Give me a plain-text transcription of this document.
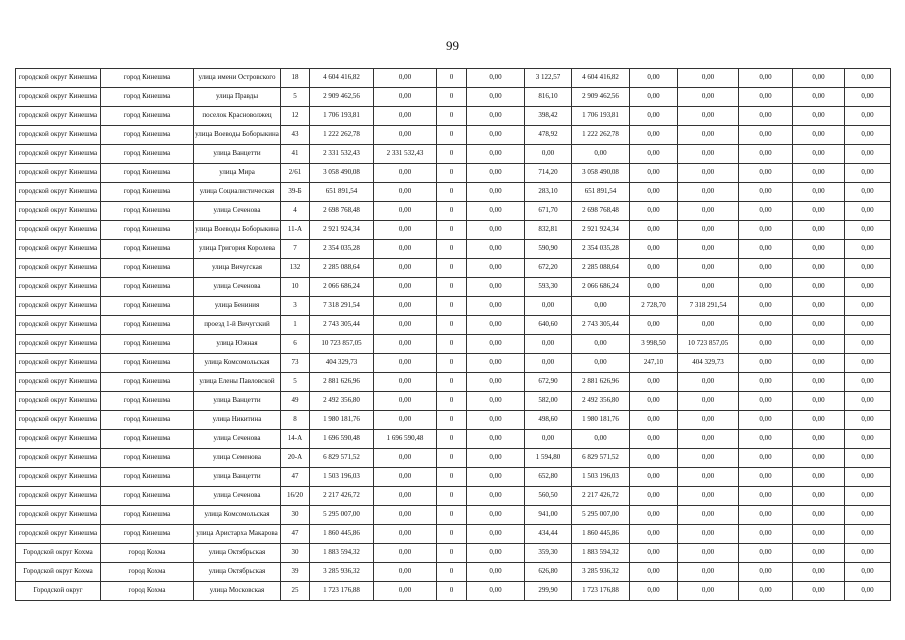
99
городской округ Кинешма	город Кинешма	улица имени Островского	18	4 604 416,82	0,00	0	0,00	3 122,57	4 604 416,82	0,00	0,00	0,00	0,00	0,00
городской округ Кинешма	город Кинешма	улица Правды	5	2 909 462,56	0,00	0	0,00	816,10	2 909 462,56	0,00	0,00	0,00	0,00	0,00
городской округ Кинешма	город Кинешма	поселок Красноволжец	12	1 706 193,81	0,00	0	0,00	398,42	1 706 193,81	0,00	0,00	0,00	0,00	0,00
городской округ Кинешма	город Кинешма	улица Воеводы Боборыкина	43	1 222 262,78	0,00	0	0,00	478,92	1 222 262,78	0,00	0,00	0,00	0,00	0,00
городской округ Кинешма	город Кинешма	улица Ванцетти	41	2 331 532,43	2 331 532,43	0	0,00	0,00	0,00	0,00	0,00	0,00	0,00	0,00
городской округ Кинешма	город Кинешма	улица Мира	2/61	3 058 490,08	0,00	0	0,00	714,20	3 058 490,08	0,00	0,00	0,00	0,00	0,00
городской округ Кинешма	город Кинешма	улица Социалистическая	39-Б	651 891,54	0,00	0	0,00	283,10	651 891,54	0,00	0,00	0,00	0,00	0,00
городской округ Кинешма	город Кинешма	улица Сеченова	4	2 698 768,48	0,00	0	0,00	671,70	2 698 768,48	0,00	0,00	0,00	0,00	0,00
городской округ Кинешма	город Кинешма	улица Воеводы Боборыкина	11-А	2 921 924,34	0,00	0	0,00	832,81	2 921 924,34	0,00	0,00	0,00	0,00	0,00
городской округ Кинешма	город Кинешма	улица Григория Королева	7	2 354 035,28	0,00	0	0,00	590,90	2 354 035,28	0,00	0,00	0,00	0,00	0,00
городской округ Кинешма	город Кинешма	улица Вичугская	132	2 285 088,64	0,00	0	0,00	672,20	2 285 088,64	0,00	0,00	0,00	0,00	0,00
городской округ Кинешма	город Кинешма	улица Сеченова	10	2 066 686,24	0,00	0	0,00	593,30	2 066 686,24	0,00	0,00	0,00	0,00	0,00
городской округ Кинешма	город Кинешма	улица Бениния	3	7 318 291,54	0,00	0	0,00	0,00	0,00	2 728,70	7 318 291,54	0,00	0,00	0,00
городской округ Кинешма	город Кинешма	проезд 1-й Вичугский	1	2 743 305,44	0,00	0	0,00	640,60	2 743 305,44	0,00	0,00	0,00	0,00	0,00
городской округ Кинешма	город Кинешма	улица Южная	6	10 723 857,05	0,00	0	0,00	0,00	0,00	3 998,50	10 723 857,05	0,00	0,00	0,00
городской округ Кинешма	город Кинешма	улица Комсомольская	73	404 329,73	0,00	0	0,00	0,00	0,00	247,10	404 329,73	0,00	0,00	0,00
городской округ Кинешма	город Кинешма	улица Елены Павловской	5	2 881 626,96	0,00	0	0,00	672,90	2 881 626,96	0,00	0,00	0,00	0,00	0,00
городской округ Кинешма	город Кинешма	улица Ванцетти	49	2 492 356,80	0,00	0	0,00	582,00	2 492 356,80	0,00	0,00	0,00	0,00	0,00
городской округ Кинешма	город Кинешма	улица Никитина	8	1 980 181,76	0,00	0	0,00	498,60	1 980 181,76	0,00	0,00	0,00	0,00	0,00
городской округ Кинешма	город Кинешма	улица Сеченова	14-А	1 696 590,48	1 696 590,48	0	0,00	0,00	0,00	0,00	0,00	0,00	0,00	0,00
городской округ Кинешма	город Кинешма	улица Семенова	20-А	6 829 571,52	0,00	0	0,00	1 594,80	6 829 571,52	0,00	0,00	0,00	0,00	0,00
городской округ Кинешма	город Кинешма	улица Ванцетти	47	1 503 196,03	0,00	0	0,00	652,80	1 503 196,03	0,00	0,00	0,00	0,00	0,00
городской округ Кинешма	город Кинешма	улица Сеченова	16/20	2 217 426,72	0,00	0	0,00	560,50	2 217 426,72	0,00	0,00	0,00	0,00	0,00
городской округ Кинешма	город Кинешма	улица Комсомольская	30	5 295 007,00	0,00	0	0,00	941,00	5 295 007,00	0,00	0,00	0,00	0,00	0,00
городской округ Кинешма	город Кинешма	улица Аристарха Макарова	47	1 860 445,86	0,00	0	0,00	434,44	1 860 445,86	0,00	0,00	0,00	0,00	0,00
Городской округ Кохма	город Кохма	улица Октябрьская	30	1 883 594,32	0,00	0	0,00	359,30	1 883 594,32	0,00	0,00	0,00	0,00	0,00
Городской округ Кохма	город Кохма	улица Октябрьская	39	3 285 936,32	0,00	0	0,00	626,80	3 285 936,32	0,00	0,00	0,00	0,00	0,00
Городской округ	город Кохма	улица Московская	25	1 723 176,88	0,00	0	0,00	299,90	1 723 176,88	0,00	0,00	0,00	0,00	0,00
